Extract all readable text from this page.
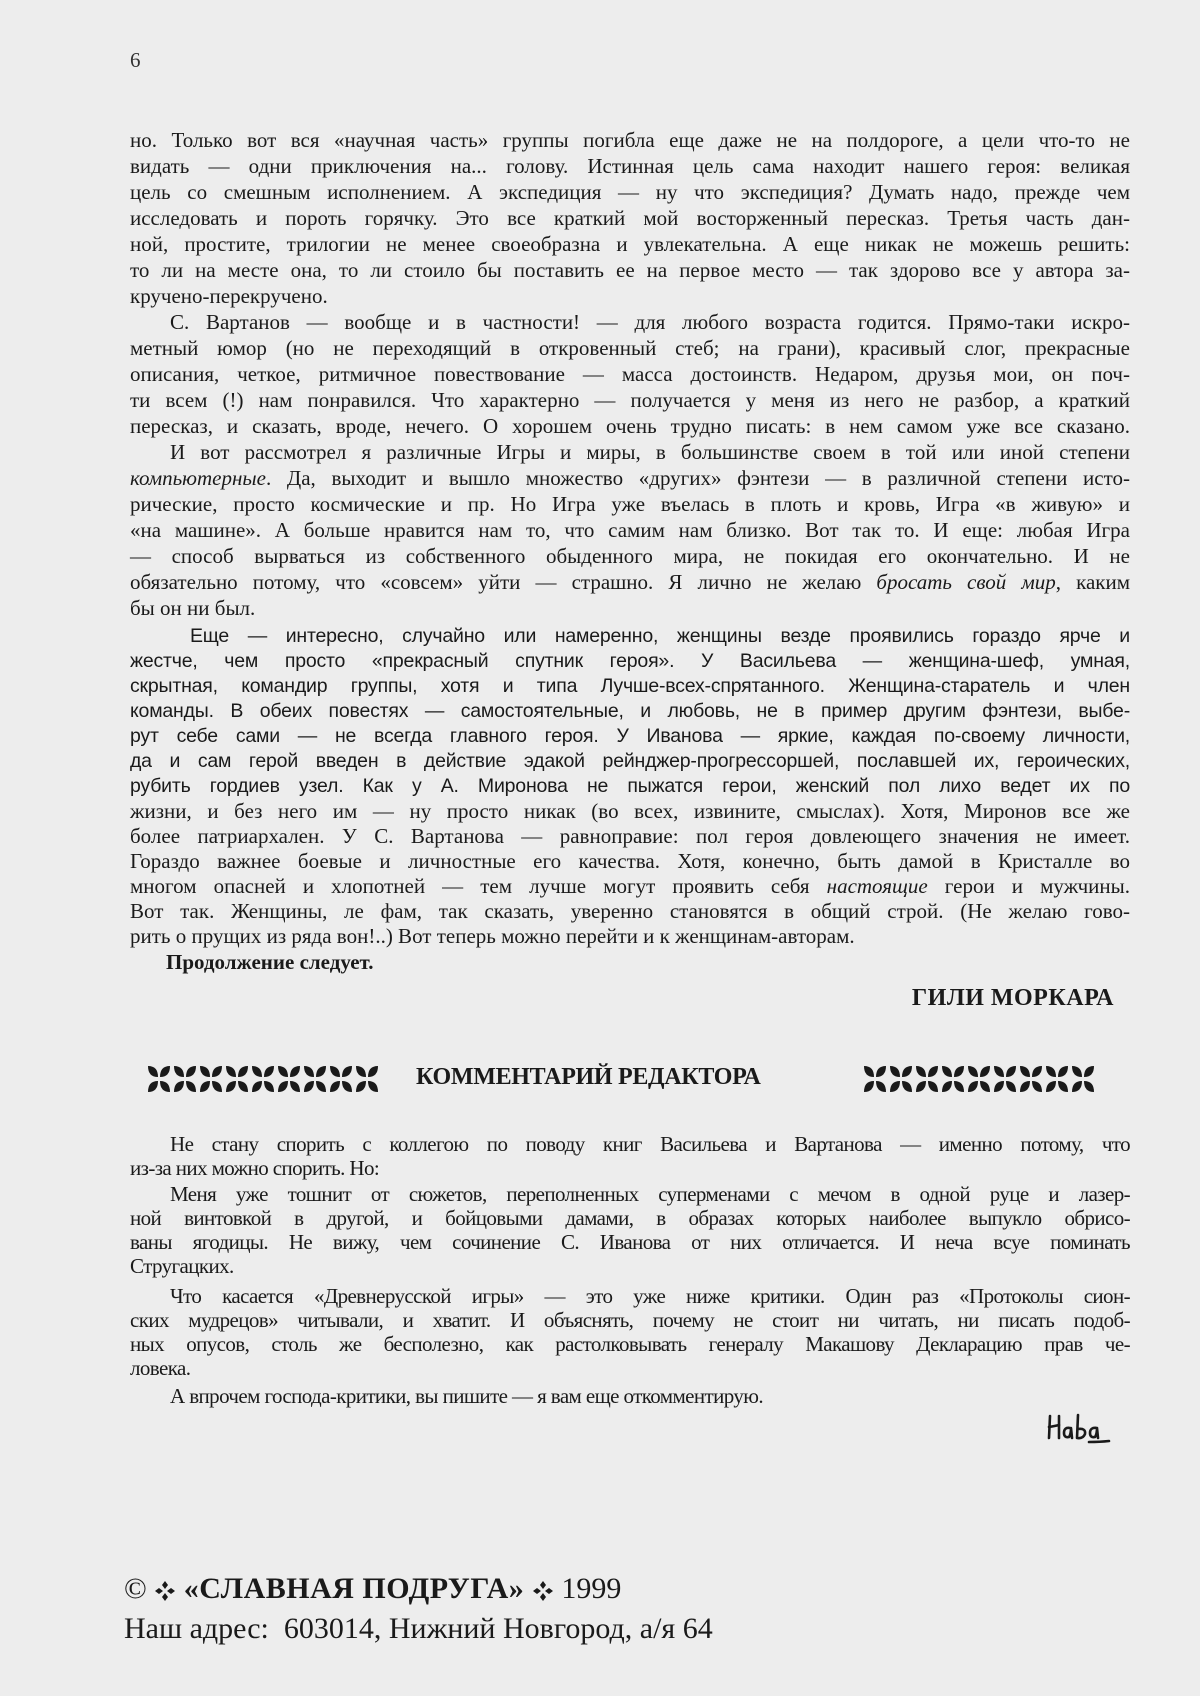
6
но. Только вот вся «научная часть» группы погибла еще даже не на полдороге, а цели что-то не
видать — одни приключения на... голову. Истинная цель сама находит нашего героя: великая
цель со смешным исполнением. А экспедиция — ну что экспедиция? Думать надо, прежде чем
исследовать и пороть горячку. Это все краткий мой восторженный пересказ. Третья часть дан-
ной, простите, трилогии не менее своеобразна и увлекательна. А еще никак не можешь решить:
то ли на месте она, то ли стоило бы поставить ее на первое место — так здорово все у автора за-
кручено-перекручено.
С. Вартанов — вообще и в частности! — для любого возраста годится. Прямо-таки искро-
метный юмор (но не переходящий в откровенный стеб; на грани), красивый слог, прекрасные
описания, четкое, ритмичное повествование — масса достоинств. Недаром, друзья мои, он поч-
ти всем (!) нам понравился. Что характерно — получается у меня из него не разбор, а краткий
пересказ, и сказать, вроде, нечего. О хорошем очень трудно писать: в нем самом уже все сказано.
И вот рассмотрел я различные Игры и миры, в большинстве своем в той или иной степени
компьютерные. Да, выходит и вышло множество «других» фэнтези — в различной степени исто-
рические, просто космические и пр. Но Игра уже въелась в плоть и кровь, Игра «в живую» и
«на машине». А больше нравится нам то, что самим нам близко. Вот так то. И еще: любая Игра
— способ вырваться из собственного обыденного мира, не покидая его окончательно. И не
обязательно потому, что «совсем» уйти — страшно. Я лично не желаю бросать свой мир, каким
бы он ни был.
Еще — интересно, случайно или намеренно, женщины везде проявились гораздо ярче и
жестче, чем просто «прекрасный спутник героя». У Васильева — женщина-шеф, умная,
скрытная, командир группы, хотя и типа Лучше-всех-спрятанного. Женщина-старатель и член
команды. В обеих повестях — самостоятельные, и любовь, не в пример другим фэнтези, выбе-
рут себе сами — не всегда главного героя. У Иванова — яркие, каждая по-своему личности,
да и сам герой введен в действие эдакой рейнджер-прогрессоршей, пославшей их, героических,
рубить гордиев узел. Как у А. Миронова не пыжатся герои, женский пол лихо ведет их по
жизни, и без него им — ну просто никак (во всех, извините, смыслах). Хотя, Миронов все же
более патриархален. У С. Вартанова — равноправие: пол героя довлеющего значения не имеет.
Гораздо важнее боевые и личностные его качества. Хотя, конечно, быть дамой в Кристалле во
многом опасней и хлопотней — тем лучше могут проявить себя настоящие герои и мужчины.
Вот так. Женщины, ле фам, так сказать, уверенно становятся в общий строй. (Не желаю гово-
рить о прущих из ряда вон!..) Вот теперь можно перейти и к женщинам-авторам.
Продолжение следует.
ГИЛИ МОРКАРА
КОММЕНТАРИЙ РЕДАКТОРА
Не стану спорить с коллегою по поводу книг Васильева и Вартанова — именно потому, что
из-за них можно спорить. Но:
Меня уже тошнит от сюжетов, переполненных суперменами с мечом в одной руце и лазер-
ной винтовкой в другой, и бойцовыми дамами, в образах которых наиболее выпукло обрисо-
ваны ягодицы. Не вижу, чем сочинение С. Иванова от них отличается. И неча всуе поминать
Стругацких.
Что касается «Древнерусской игры» — это уже ниже критики. Один раз «Протоколы сион-
ских мудрецов» читывали, и хватит. И объяснять, почему не стоит ни читать, ни писать подоб-
ных опусов, столь же бесполезно, как растолковывать генералу Макашову Декларацию прав че-
ловека.
А впрочем господа-критики, вы пишите — я вам еще откомментирую.
© «СЛАВНАЯ ПОДРУГА» 1999
Наш адрес: 603014, Нижний Новгород, а/я 64
